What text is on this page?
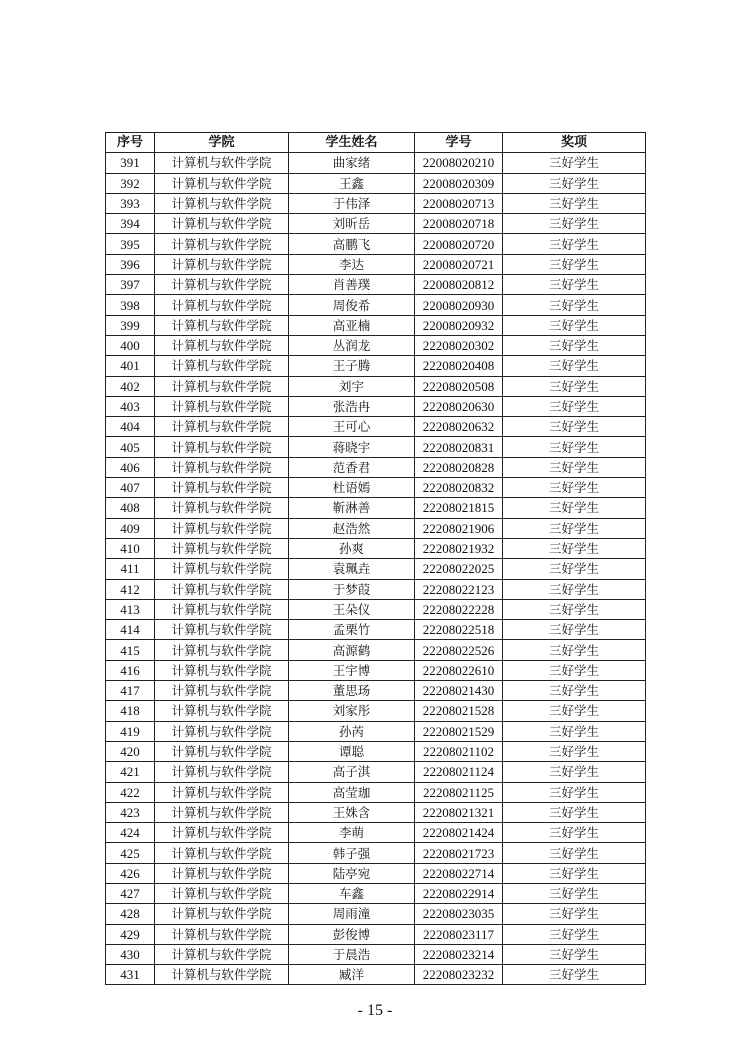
序号	学院	学生姓名	学号	奖项
391	计算机与软件学院	曲家绪	22008020210	三好学生
392	计算机与软件学院	王鑫	22008020309	三好学生
393	计算机与软件学院	于伟泽	22008020713	三好学生
394	计算机与软件学院	刘昕岳	22008020718	三好学生
395	计算机与软件学院	高鹏飞	22008020720	三好学生
396	计算机与软件学院	李达	22008020721	三好学生
397	计算机与软件学院	肖善璞	22008020812	三好学生
398	计算机与软件学院	周俊希	22008020930	三好学生
399	计算机与软件学院	高亚楠	22008020932	三好学生
400	计算机与软件学院	丛润龙	22208020302	三好学生
401	计算机与软件学院	王子腾	22208020408	三好学生
402	计算机与软件学院	刘宇	22208020508	三好学生
403	计算机与软件学院	张浩冉	22208020630	三好学生
404	计算机与软件学院	王可心	22208020632	三好学生
405	计算机与软件学院	蒋晓宇	22208020831	三好学生
406	计算机与软件学院	范香君	22208020828	三好学生
407	计算机与软件学院	杜语嫣	22208020832	三好学生
408	计算机与软件学院	靳淋善	22208021815	三好学生
409	计算机与软件学院	赵浩然	22208021906	三好学生
410	计算机与软件学院	孙爽	22208021932	三好学生
411	计算机与软件学院	袁珮垚	22208022025	三好学生
412	计算机与软件学院	于梦葭	22208022123	三好学生
413	计算机与软件学院	王朵仪	22208022228	三好学生
414	计算机与软件学院	孟栗竹	22208022518	三好学生
415	计算机与软件学院	高源鹤	22208022526	三好学生
416	计算机与软件学院	王宇博	22208022610	三好学生
417	计算机与软件学院	董思玚	22208021430	三好学生
418	计算机与软件学院	刘家彤	22208021528	三好学生
419	计算机与软件学院	孙芮	22208021529	三好学生
420	计算机与软件学院	谭聪	22208021102	三好学生
421	计算机与软件学院	高子淇	22208021124	三好学生
422	计算机与软件学院	高莹珈	22208021125	三好学生
423	计算机与软件学院	王姝含	22208021321	三好学生
424	计算机与软件学院	李萌	22208021424	三好学生
425	计算机与软件学院	韩子强	22208021723	三好学生
426	计算机与软件学院	陆亭宛	22208022714	三好学生
427	计算机与软件学院	车鑫	22208022914	三好学生
428	计算机与软件学院	周雨潼	22208023035	三好学生
429	计算机与软件学院	彭俊博	22208023117	三好学生
430	计算机与软件学院	于晨浩	22208023214	三好学生
431	计算机与软件学院	臧洋	22208023232	三好学生
- 15 -
